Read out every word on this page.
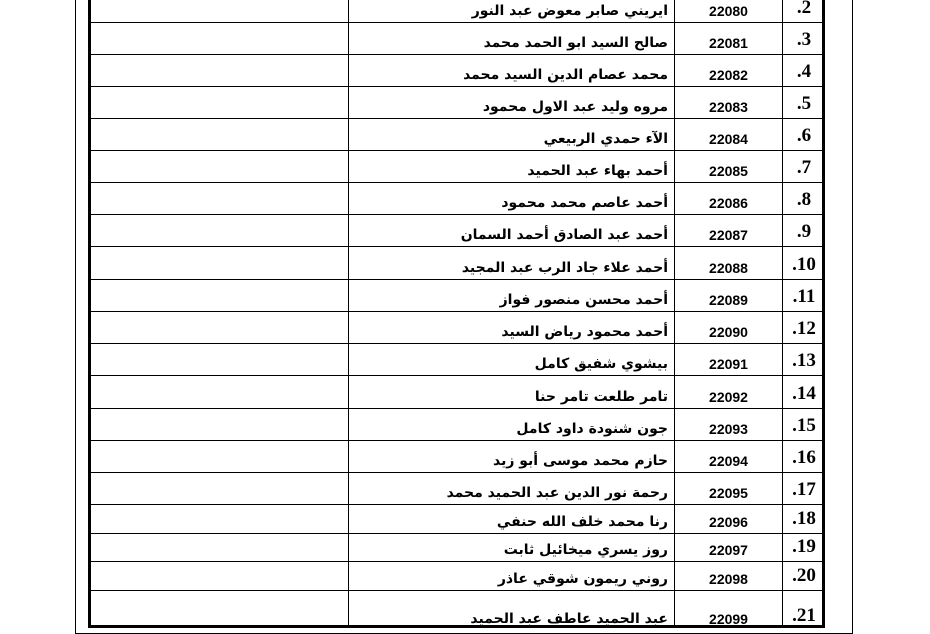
ايريني صابر معوض عبد النور	22080	.2
صالح السيد ابو الحمد محمد	22081	.3
محمد عصام الدين السيد محمد	22082	.4
مروه وليد عبد الاول محمود	22083	.5
الآء حمدي الربيعي	22084	.6
أحمد بهاء عبد الحميد	22085	.7
أحمد عاصم محمد محمود	22086	.8
أحمد عبد الصادق أحمد السمان	22087	.9
أحمد علاء جاد الرب عبد المجيد	22088 .10
أحمد محسن منصور فواز	22089 .11
أحمد محمود رياض السيد	22090 .12
بيشوي شفيق كامل	22091 .13
تامر طلعت تامر حنا	22092 .14
جون شنودة داود كامل	22093 .15
حازم محمد موسى أبو زيد	22094 .16
رحمة نور الدين عبد الحميد محمد	22095 .17
رنا محمد خلف الله حنفي	22096 .18
روز يسري ميخائيل ثابت	22097 .19
روني ريمون شوقي عاذر	22098 .20
عبد الحميد عاطف عبد الحميد	22099 .21
